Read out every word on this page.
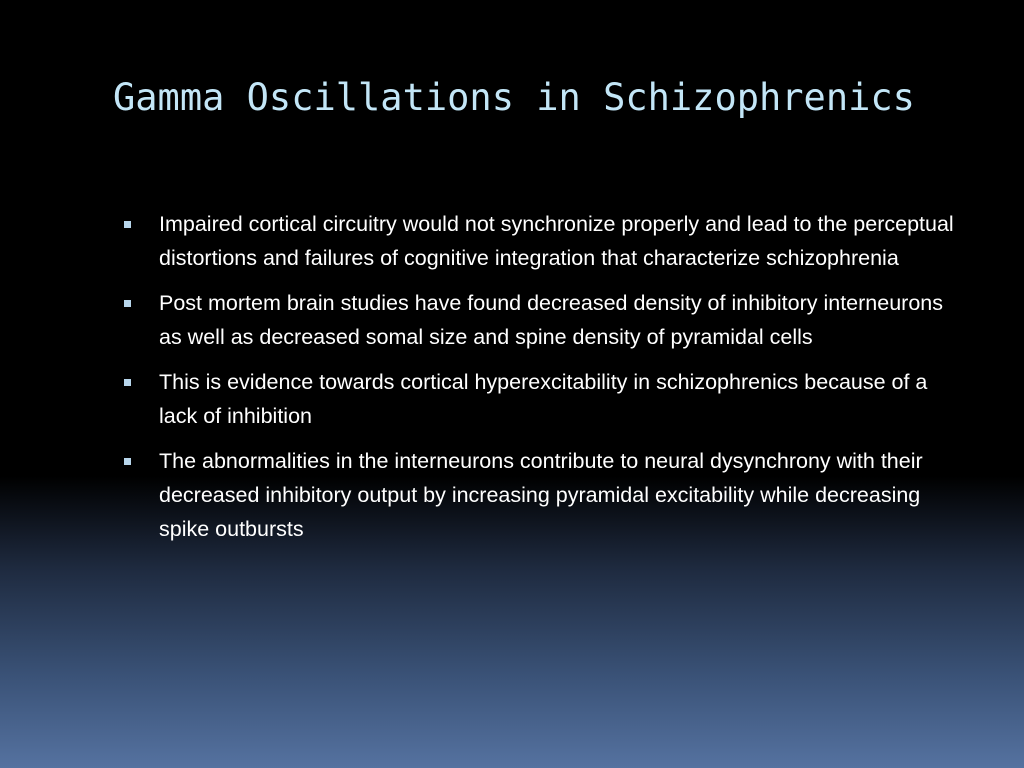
Gamma Oscillations in Schizophrenics
Impaired cortical circuitry would not synchronize properly and lead to the perceptual distortions and failures of cognitive integration that characterize schizophrenia
Post mortem brain studies have found decreased density of inhibitory interneurons as well as decreased somal size and spine density of pyramidal cells
This is evidence towards cortical hyperexcitability in schizophrenics because of a lack of inhibition
The abnormalities in the interneurons contribute to neural dysynchrony with their decreased inhibitory output by increasing pyramidal excitability while decreasing spike outbursts
